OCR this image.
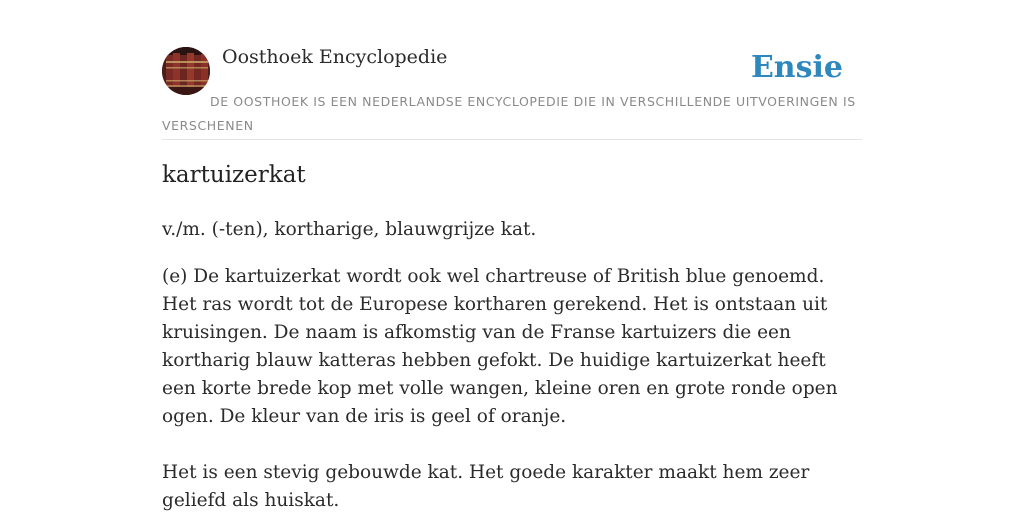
Oosthoek Encyclopedie	Ensie
DE OOSTHOEK IS EEN NEDERLANDSE ENCYCLOPEDIE DIE IN VERSCHILLENDE UITVOERINGEN IS VERSCHENEN
kartuizerkat
v./m. (-ten), kortharige, blauwgrijze kat.

(e) De kartuizerkat wordt ook wel chartreuse of British blue genoemd. Het ras wordt tot de Europese kortharen gerekend. Het is ontstaan uit kruisingen. De naam is afkomstig van de Franse kartuizers die een kortharig blauw katteras hebben gefokt. De huidige kartuizerkat heeft een korte brede kop met volle wangen, kleine oren en grote ronde open ogen. De kleur van de iris is geel of oranje.

Het is een stevig gebouwde kat. Het goede karakter maakt hem zeer geliefd als huiskat.
